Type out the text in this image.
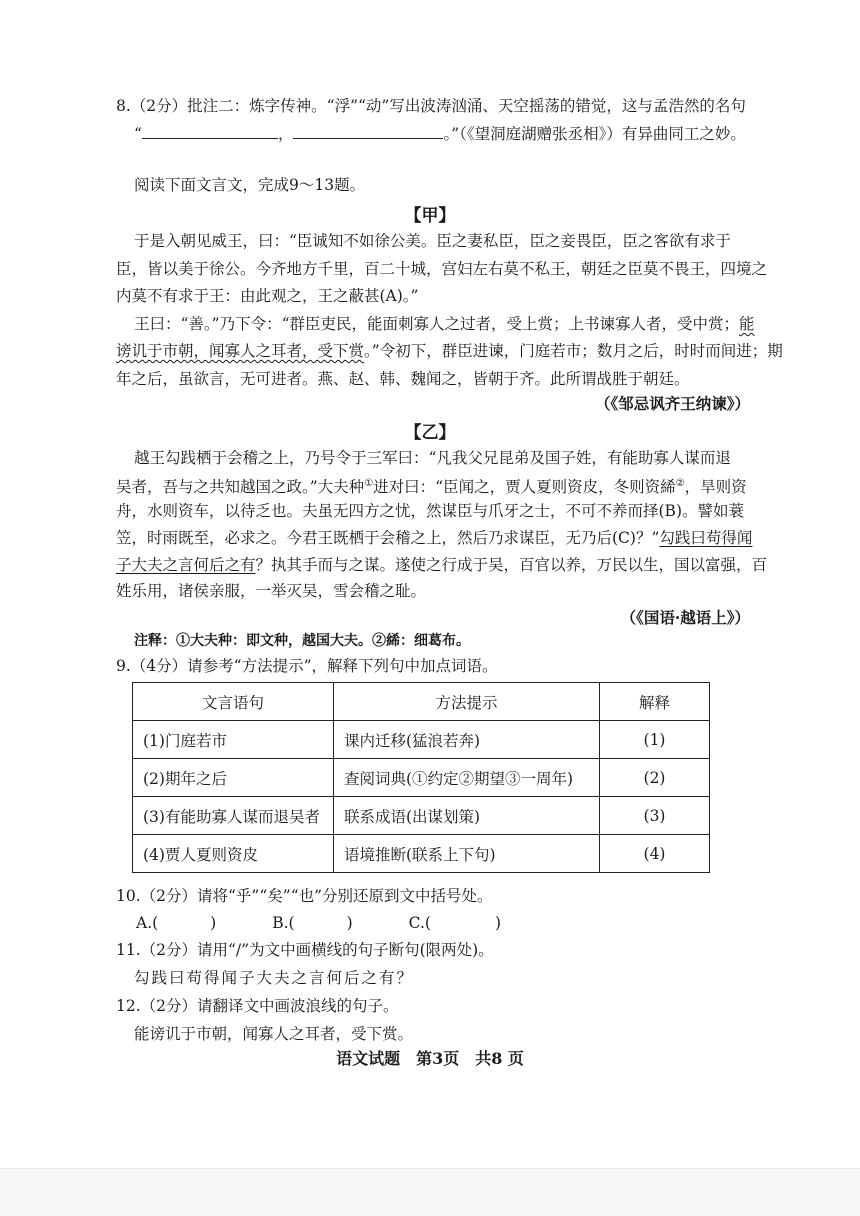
8.（2分）批注二：炼字传神。“浮”“动”写出波涛汹涌、天空摇荡的错觉，这与孟浩然的名句
“	，	。”（《望洞庭湖赠张丞相》）有异曲同工之妙。
阅读下面文言文，完成9～13题。
【甲】
于是入朝见威王，曰：“臣诚知不如徐公美。臣之妻私臣，臣之妾畏臣，臣之客欲有求于
臣，皆以美于徐公。今齐地方千里，百二十城，宫妇左右莫不私王，朝廷之臣莫不畏王，四境之
内莫不有求于王：由此观之，王之蔽甚(A)。”
王曰：“善。”乃下令：“群臣吏民，能面刺寡人之过者，受上赏；上书谏寡人者，受中赏；能
谤讥于市朝，闻寡人之耳者，受下赏。”令初下，群臣进谏，门庭若市；数月之后，时时而间进；期
年之后，虽欲言，无可进者。燕、赵、韩、魏闻之，皆朝于齐。此所谓战胜于朝廷。
（《邹忌讽齐王纳谏》）
【乙】
越王勾践栖于会稽之上，乃号令于三军曰：“凡我父兄昆弟及国子姓，有能助寡人谋而退
吴者，吾与之共知越国之政。”大夫种①进对曰：“臣闻之，贾人夏则资皮，冬则资絺②，旱则资
舟，水则资车，以待乏也。夫虽无四方之忧，然谋臣与爪牙之士，不可不养而择(B)。譬如蓑
笠，时雨既至，必求之。今君王既栖于会稽之上，然后乃求谋臣，无乃后(C)？”勾践曰苟得闻
子大夫之言何后之有？执其手而与之谋。遂使之行成于吴，百官以养，万民以生，国以富强，百
姓乐用，诸侯亲服，一举灭吴，雪会稽之耻。
（《国语·越语上》）
注释：①大夫种：即文种，越国大夫。②絺：细葛布。
9.（4分）请参考“方法提示”，解释下列句中加点词语。
文言语句	方法提示	解释
(1)门庭若市	课内迁移(猛浪若奔)	(1)
(2)期年之后	查阅词典(①约定②期望③一周年)	(2)
(3)有能助寡人谋而退吴者	联系成语(出谋划策)	(3)
(4)贾人夏则资皮	语境推断(联系上下句)	(4)
10.（2分）请将“乎”“矣”“也”分别还原到文中括号处。
A.(	)	B.(	)	C.(	)
11.（2分）请用“/”为文中画横线的句子断句(限两处)。
勾践曰苟得闻子大夫之言何后之有？
12.（2分）请翻译文中画波浪线的句子。
能谤讥于市朝，闻寡人之耳者，受下赏。
语文试题　第3页　共8 页
